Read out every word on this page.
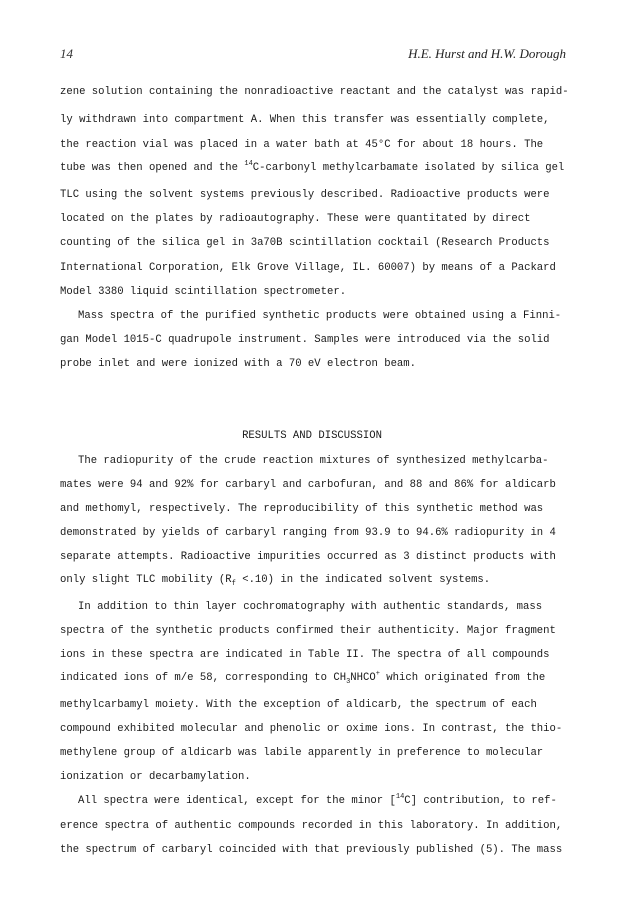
14	H.E. Hurst and H.W. Dorough
zene solution containing the nonradioactive reactant and the catalyst was rapid-
ly withdrawn into compartment A. When this transfer was essentially complete,
the reaction vial was placed in a water bath at 45°C for about 18 hours. The
tube was then opened and the $^{14}$C-carbonyl methylcarbamate isolated by silica gel
TLC using the solvent systems previously described. Radioactive products were
located on the plates by radioautography. These were quantitated by direct
counting of the silica gel in 3a70B scintillation cocktail (Research Products
International Corporation, Elk Grove Village, IL. 60007) by means of a Packard
Model 3380 liquid scintillation spectrometer.
Mass spectra of the purified synthetic products were obtained using a Finni-
gan Model 1015-C quadrupole instrument. Samples were introduced via the solid
probe inlet and were ionized with a 70 eV electron beam.
RESULTS AND DISCUSSION
The radiopurity of the crude reaction mixtures of synthesized methylcarba-
mates were 94 and 92% for carbaryl and carbofuran, and 88 and 86% for aldicarb
and methomyl, respectively. The reproducibility of this synthetic method was
demonstrated by yields of carbaryl ranging from 93.9 to 94.6% radiopurity in 4
separate attempts. Radioactive impurities occurred as 3 distinct products with
only slight TLC mobility $(R_f <.10)$ in the indicated solvent systems.
In addition to thin layer cochromatography with authentic standards, mass
spectra of the synthetic products confirmed their authenticity. Major fragment
ions in these spectra are indicated in Table II. The spectra of all compounds
indicated ions of m/e 58, corresponding to $CH_3NHCO^+$ which originated from the
methylcarbamyl moiety. With the exception of aldicarb, the spectrum of each
compound exhibited molecular and phenolic or oxime ions. In contrast, the thio-
methylene group of aldicarb was labile apparently in preference to molecular
ionization or decarbamylation.
All spectra were identical, except for the minor [$^{14}$C] contribution, to ref-
erence spectra of authentic compounds recorded in this laboratory. In addition,
the spectrum of carbaryl coincided with that previously published (5). The mass
